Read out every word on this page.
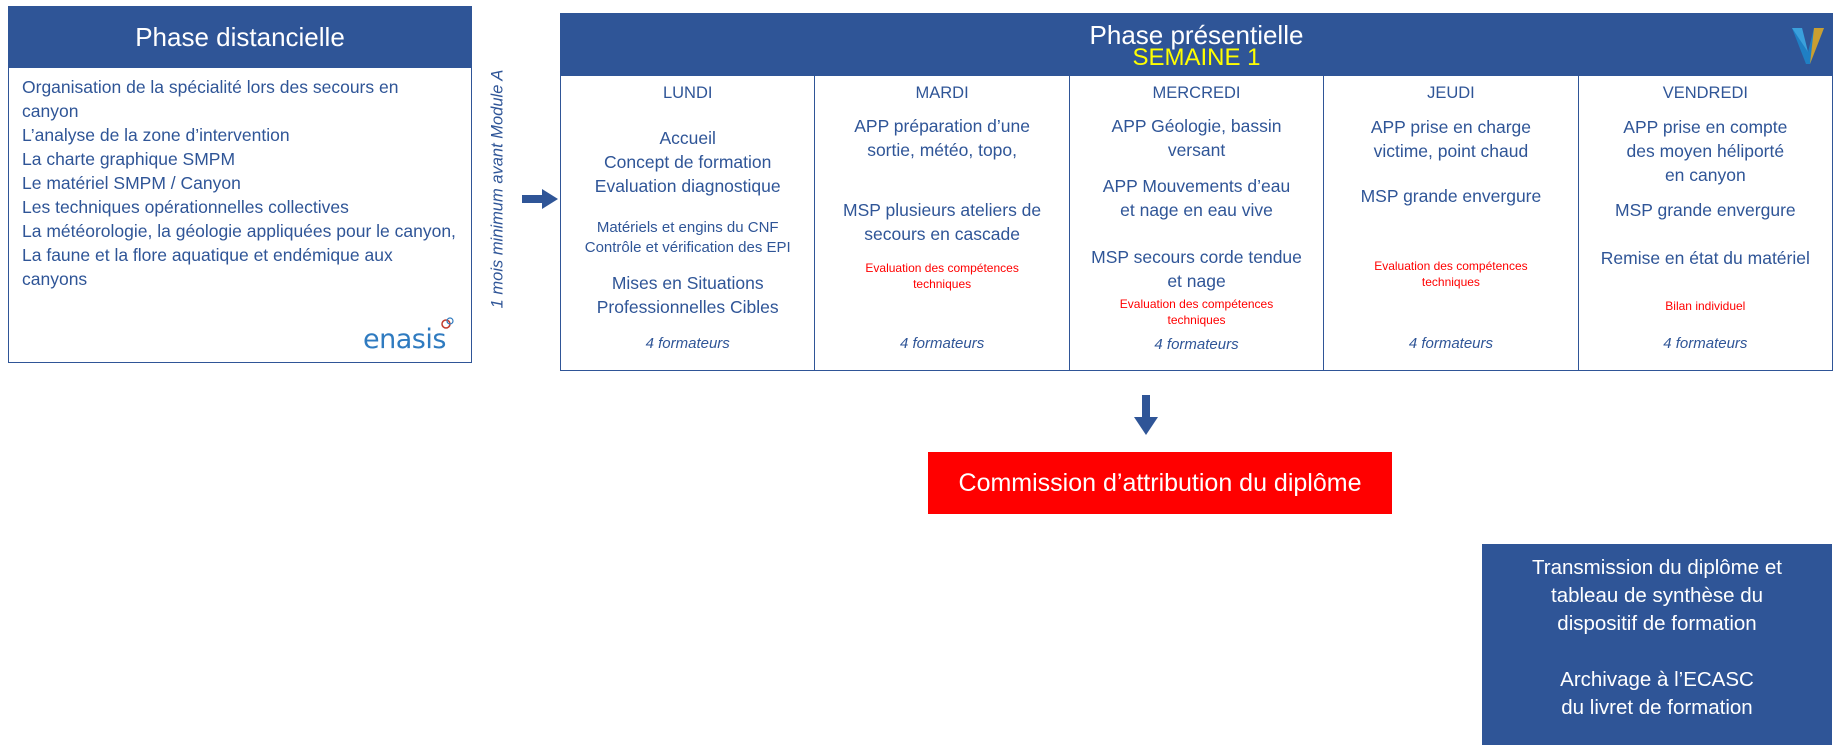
Phase distancielle
Organisation de la spécialité lors des secours en canyon
L’analyse de la zone d’intervention
La charte graphique SMPM
Le matériel SMPM / Canyon
Les techniques opérationnelles collectives
La météorologie, la géologie appliquées pour le canyon,
La faune et la flore aquatique et endémique aux canyons
enasis
1 mois minimum avant Module A
Phase présentielle
SEMAINE 1
LUNDI
Accueil
Concept de formation
Evaluation diagnostique
Matériels et engins du CNF
Contrôle et vérification des EPI
Mises en Situations
Professionnelles Cibles
4 formateurs
MARDI
APP préparation d’une
sortie, météo, topo,
MSP plusieurs ateliers de
secours en cascade
Evaluation des compétences
techniques
4 formateurs
MERCREDI
APP Géologie, bassin
versant
APP Mouvements d’eau
et nage en eau vive
MSP secours corde tendue
et nage
Evaluation des compétences
techniques
4 formateurs
JEUDI
APP prise en charge
victime, point chaud
MSP grande envergure
Evaluation des compétences
techniques
4 formateurs
VENDREDI
APP prise en compte
des moyen héliporté
en canyon
MSP grande envergure
Remise en état du matériel
Bilan individuel
4 formateurs
Commission d’attribution du diplôme

Transmission du diplôme et

tableau de synthèse du

dispositif de formation

Archivage à l’ECASC

du livret de formation
